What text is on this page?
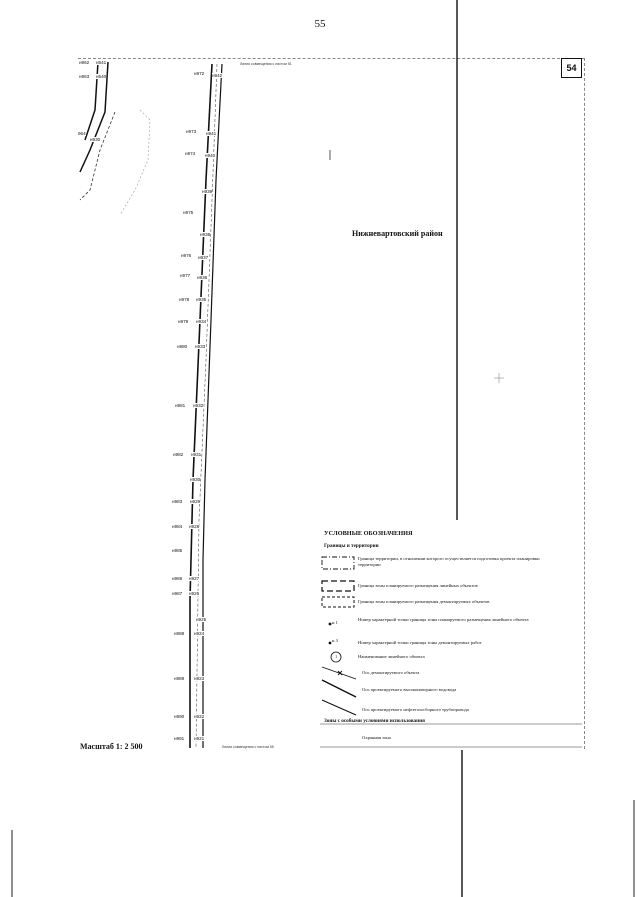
55
54
н962 н541
н963 н540
н930
964
Линия совмещения с листом 51
Линия совмещения с листом 55
н972
н973
н974
н975
н976
н977
н978
н979
н980
н981
н982
н983
н984
н985
н986
н987
н988
н989
н990
н991
н942
н941
н940
н939
н938
н937
н936
н935
н934
н933
н932
н931
н930
н929
н928
н927
н926
н925
н924
н923
н922
н921
Нижневартовский район
Масштаб 1: 2 500
УСЛОВНЫЕ ОБОЗНАЧЕНИЯ
Границы и территории
Граница территории, в отношении которого осуществляется подготовка проекта планировки территории
Граница зоны планируемого размещения линейных объектов
Граница зоны планируемого размещения демонтируемых объектов
н 1
Номер характерной точки границы зоны планируемого размещения линейного объекта
н 3	Номер характерной точки границы зоны демонтируемых работ
1	Наименование линейного объекта
Ось демонтируемого объекта
Ось проектируемого высоконапорного водовода
Ось проектируемого нефтегазосборного трубопровода
Зоны с особыми условиями использования
Охранная зона
